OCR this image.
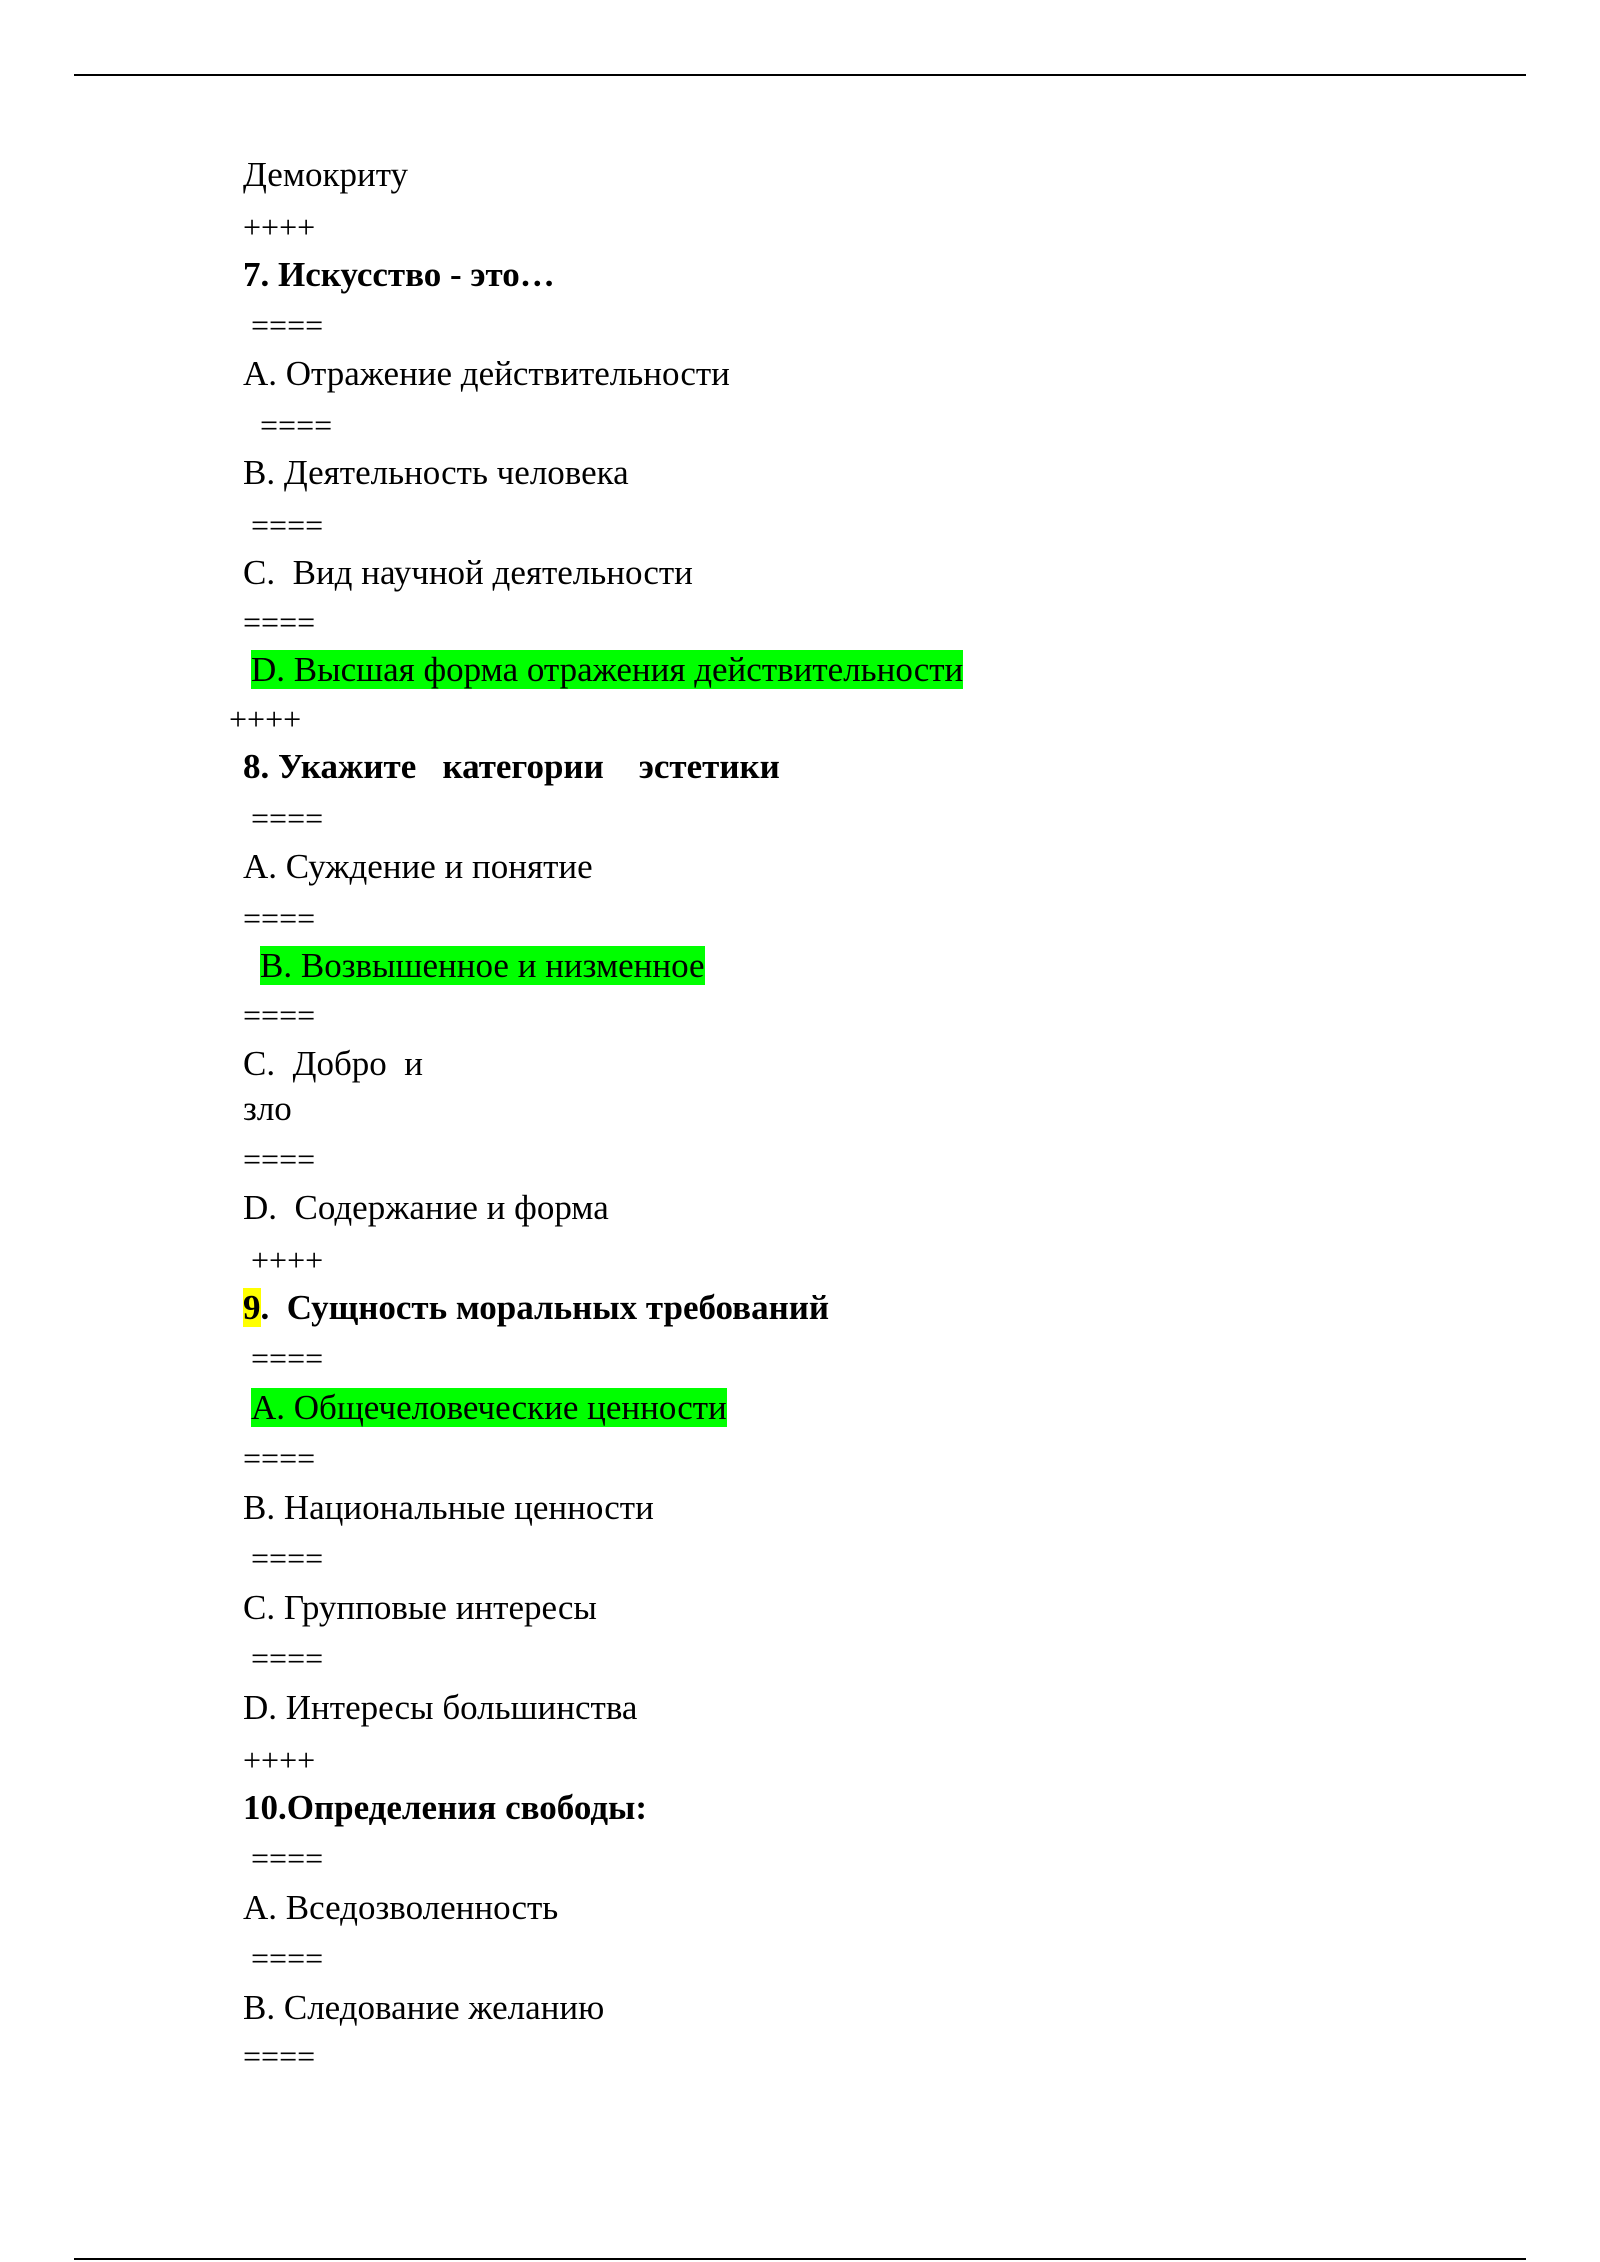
Демокриту
++++
7. Искусство - это…
====
A. Отражение действительности
====
B. Деятельность человека
====
C.  Вид научной деятельности
====
D. Высшая форма отражения действительности
++++
8. Укажите   категории    эстетики
====
A. Суждение и понятие
====
B. Возвышенное и низменное
====
C.  Добро  и
зло
====
D.  Содержание и форма
++++
9.  Сущность моральных требований
====
A. Общечеловеческие ценности
====
B. Национальные ценности
====
C. Групповые интересы
====
D. Интересы большинства
++++
10.Определения свободы:
====
A. Вседозволенность
====
B. Следование желанию
====
